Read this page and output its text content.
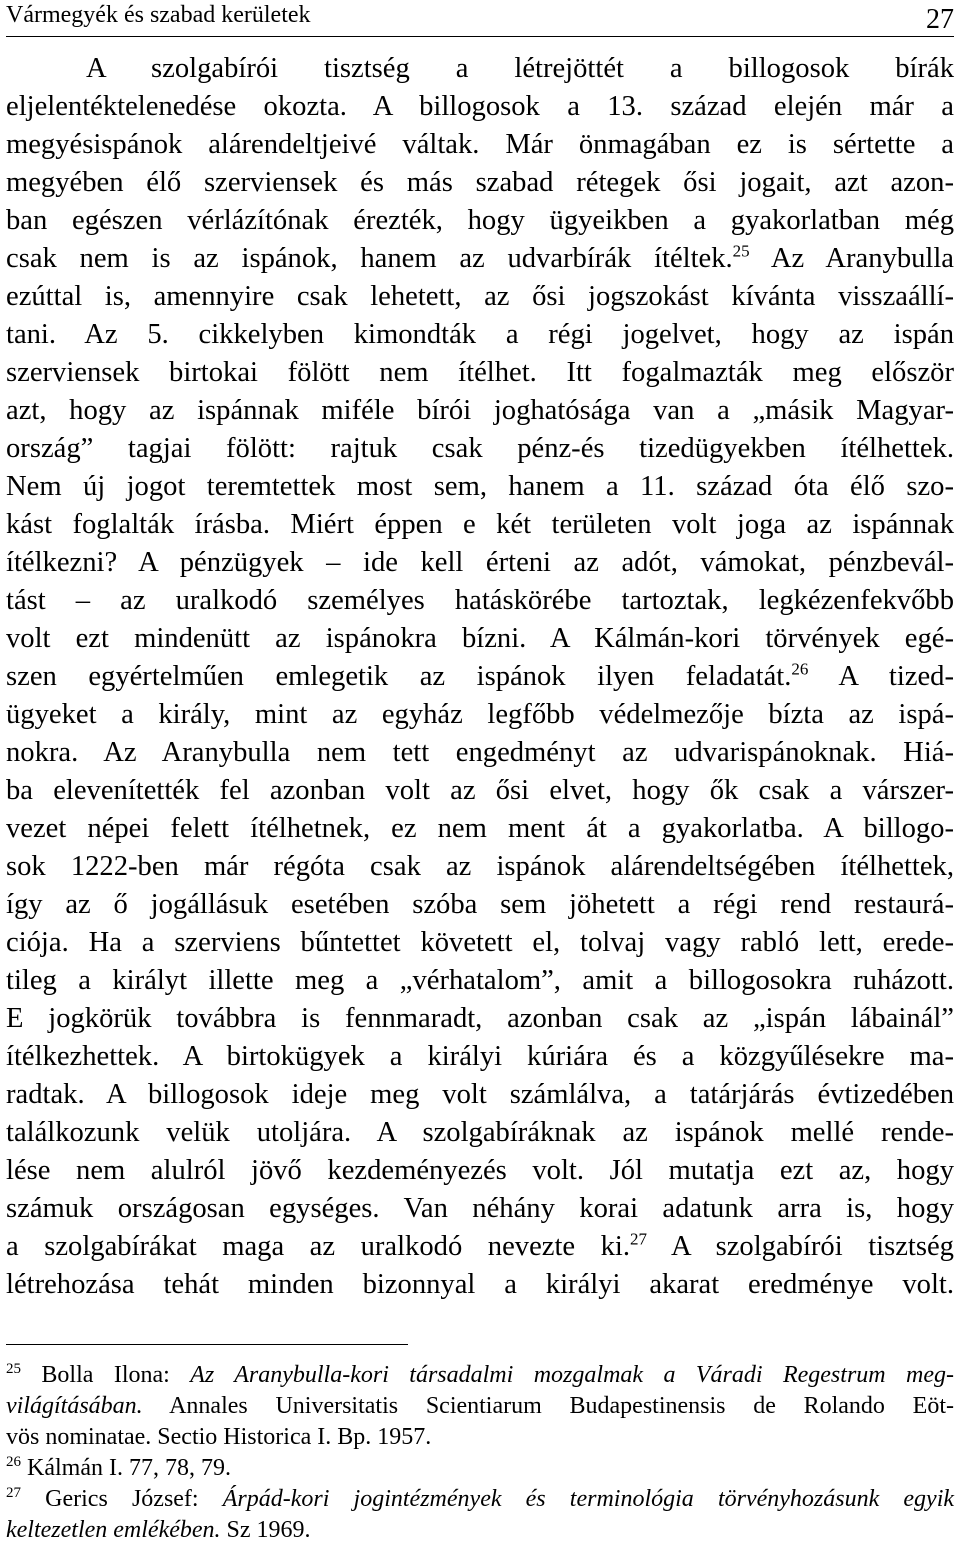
Vármegyék és szabad kerületek	27
A szolgabírói tisztség a létrejöttét a billogosok bírák
eljelentéktelenedése okozta. A billogosok a 13. század elején már a
megyésispánok alárendeltjeivé váltak. Már önmagában ez is sértette a
megyében élő szerviensek és más szabad rétegek ősi jogait, azt azon-
ban egészen vérlázítónak érezték, hogy ügyeikben a gyakorlatban még
csak nem is az ispánok, hanem az udvarbírák ítéltek.$^{25}$ Az Aranybulla
ezúttal is, amennyire csak lehetett, az ősi jogszokást kívánta visszaállí-
tani. Az 5. cikkelyben kimondták a régi jogelvet, hogy az ispán
szerviensek birtokai fölött nem ítélhet. Itt fogalmazták meg először
azt, hogy az ispánnak miféle bírói joghatósága van a „másik Magyar-
ország” tagjai fölött: rajtuk csak pénz-és tizedügyekben ítélhettek.
Nem új jogot teremtettek most sem, hanem a 11. század óta élő szo-
kást foglalták írásba. Miért éppen e két területen volt joga az ispánnak
ítélkezni? A pénzügyek – ide kell érteni az adót, vámokat, pénzbevál-
tást – az uralkodó személyes hatáskörébe tartoztak, legkézenfekvőbb
volt ezt mindenütt az ispánokra bízni. A Kálmán-kori törvények egé-
szen egyértelműen emlegetik az ispánok ilyen feladatát.$^{26}$ A tized-
ügyeket a király, mint az egyház legfőbb védelmezője bízta az ispá-
nokra. Az Aranybulla nem tett engedményt az udvarispánoknak. Hiá-
ba elevenítették fel azonban volt az ősi elvet, hogy ők csak a várszer-
vezet népei felett ítélhetnek, ez nem ment át a gyakorlatba. A billogo-
sok 1222-ben már régóta csak az ispánok alárendeltségében ítélhettek,
így az ő jogállásuk esetében szóba sem jöhetett a régi rend restaurá-
ciója. Ha a szerviens bűntettet követett el, tolvaj vagy rabló lett, erede-
tileg a királyt illette meg a „vérhatalom”, amit a billogosokra ruházott.
E jogkörük továbbra is fennmaradt, azonban csak az „ispán lábainál”
ítélkezhettek. A birtokügyek a királyi kúriára és a közgyűlésekre ma-
radtak. A billogosok ideje meg volt számlálva, a tatárjárás évtizedében
találkozunk velük utoljára. A szolgabíráknak az ispánok mellé rende-
lése nem alulról jövő kezdeményezés volt. Jól mutatja ezt az, hogy
számuk országosan egységes. Van néhány korai adatunk arra is, hogy
a szolgabírákat maga az uralkodó nevezte ki.$^{27}$ A szolgabírói tisztség
létrehozása tehát minden bizonnyal a királyi akarat eredménye volt.
$^{25}$ Bolla Ilona: Az Aranybulla-kori társadalmi mozgalmak a Váradi Regestrum meg-
világításában. Annales Universitatis Scientiarum Budapestinensis de Rolando Eöt-
vös nominatae. Sectio Historica I. Bp. 1957.
$^{26}$ Kálmán I. 77, 78, 79.
$^{27}$ Gerics József: Árpád-kori jogintézmények és terminológia törvényhozásunk egyik
keltezetlen emlékében. Sz 1969.
